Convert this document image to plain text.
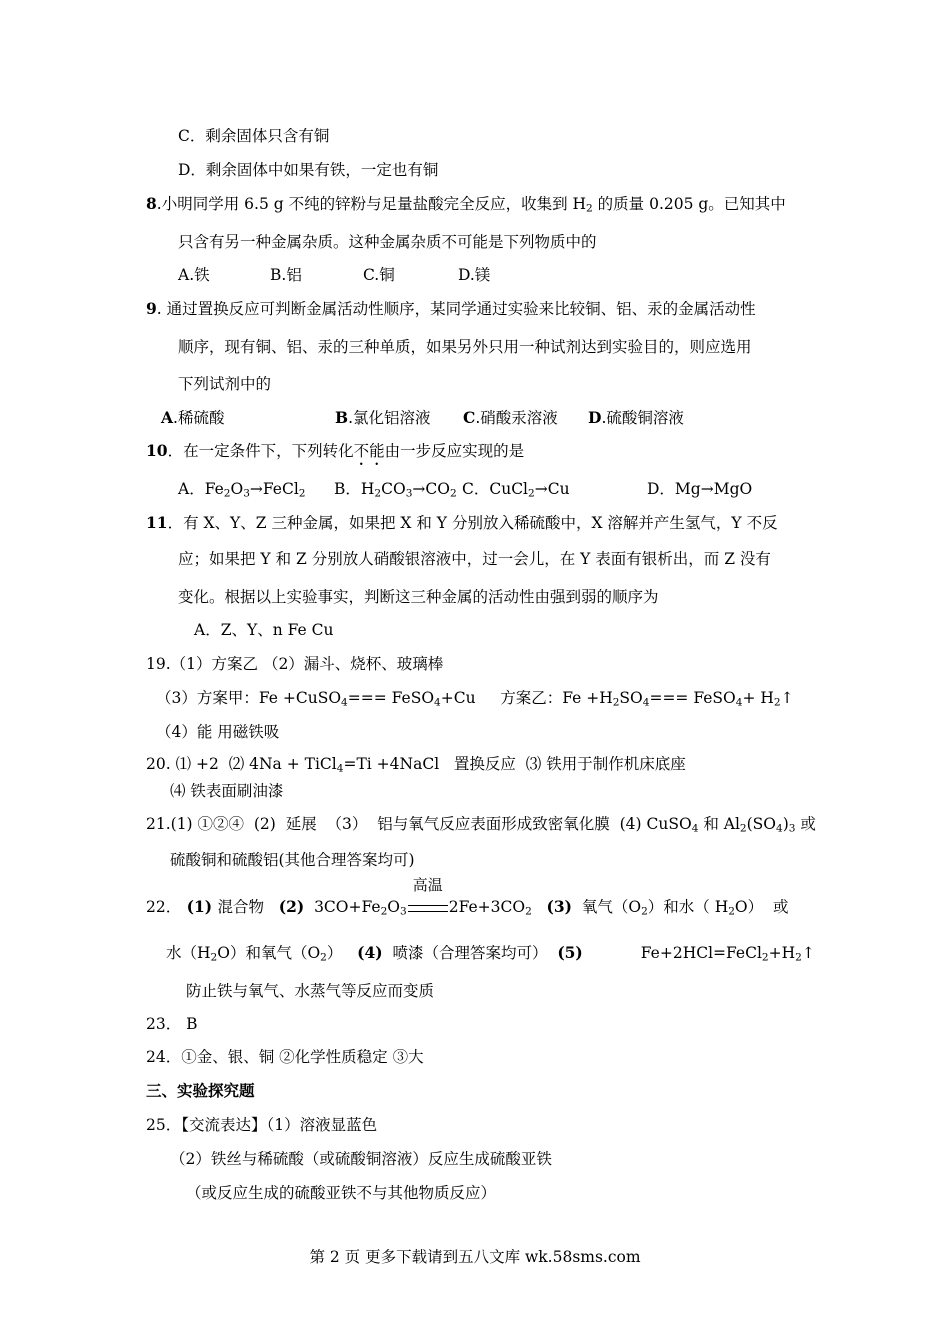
C．剩余固体只含有铜
D．剩余固体中如果有铁，一定也有铜
8.小明同学用 6.5 g 不纯的锌粉与足量盐酸完全反应，收集到 $H_2$ 的质量 0.205 g。已知其中
只含有另一种金属杂质。这种金属杂质不可能是下列物质中的
A.铁	B.铝	C.铜	D.镁
9. 通过置换反应可判断金属活动性顺序，某同学通过实验来比较铜、铝、汞的金属活动性
顺序，现有铜、铝、汞的三种单质，如果另外只用一种试剂达到实验目的，则应选用
下列试剂中的
A.稀硫酸	B.氯化铝溶液 C.硝酸汞溶液 D.硫酸铜溶液
10．在一定条件下，下列转化不能由一步反应实现的是
A．$Fe_2O_3\to FeCl_2$ B．$H_2CO_3\to CO_2$ C．CuCl$_2$→Cu	D．Mg→MgO
11．有 X、Y、Z 三种金属，如果把 X 和 Y 分别放入稀硫酸中，X 溶解并产生氢气，Y 不反
应；如果把 Y 和 Z 分别放人硝酸银溶液中，过一会儿，在 Y 表面有银析出，而 Z 没有
变化。根据以上实验事实，判断这三种金属的活动性由强到弱的顺序为
A．Z、Y、n Fe Cu
19.（1）方案乙 （2）漏斗、烧杯、玻璃棒
（3）方案甲：Fe +CuSO$_4$=== FeSO$_4$+Cu     方案乙：$Fe +H_2SO_4===$ FeSO$_4$+ $H_2↑$
（4）能 用磁铁吸
20. ⑴ +2  ⑵ 4Na + TiCl$_4$=Ti +4NaCl   置换反应  ⑶ 铁用于制作机床底座
⑷ 铁表面刷油漆
21.(1) ①②④  (2)  延展  （3）  铝与氧气反应表面形成致密氧化膜  (4) CuSO$_4$ 和 $Al_2(SO_4)_3$ 或
硫酸铜和硫酸铝(其他合理答案均可)
22． (1) 混合物   (2)  $3CO+Fe_2O_3$
高温
$2Fe+3CO_2$ (3)  氧气$(O_2)$和水（ $H_2O$）  或
水$(H_2O)$和氧气$(O_2)$   (4)  喷漆（合理答案均可）  (5)	$Fe+2HCl=FeCl_2+H_2↑$
防止铁与氧气、水蒸气等反应而变质
23． B
24．①金、银、铜 ②化学性质稳定 ③大
三、实验探究题
25．【交流表达】（1）溶液显蓝色
（2）铁丝与稀硫酸（或硫酸铜溶液）反应生成硫酸亚铁
（或反应生成的硫酸亚铁不与其他物质反应）
第 2 页 更多下载请到五八文库 wk.58sms.com
